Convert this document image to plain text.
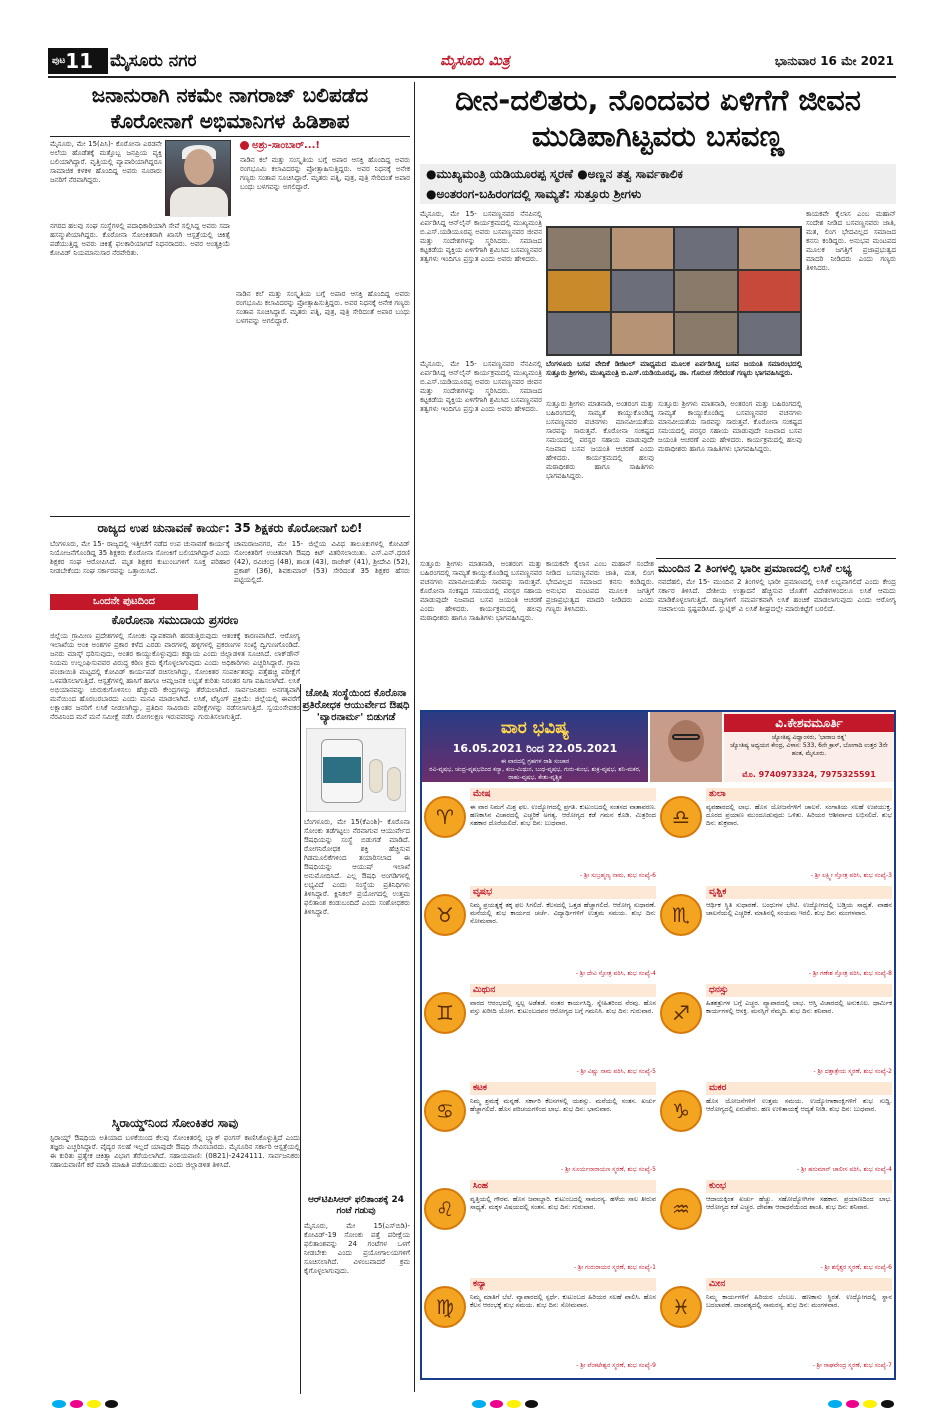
$^{ಪುಟ}$11 ಮೈಸೂರು ನಗರ	ಮೈಸೂರು ಮಿತ್ರ	ಭಾನುವಾರ 16 ಮೇ 2021
ಜನಾನುರಾಗಿ ನಕಮೇ ನಾಗರಾಜ್ ಬಲಿಪಡೆದ ಕೊರೋನಾಗೆ ಅಭಿಮಾನಿಗಳ ಹಿಡಿಶಾಪ
ಮೈಸೂರು, ಮೇ 15(ಪಿಸಿ)- ಕೊರೋನಾ ಎರಡನೇ ಅಲೆಯ ಹೊಡೆತಕ್ಕೆ ಮತ್ತೊಬ್ಬ ಜನಪ್ರಿಯ ವ್ಯಕ್ತಿ ಬಲಿಯಾಗಿದ್ದಾರೆ. ವೃತ್ತಿಯಲ್ಲಿ ವ್ಯಾಪಾರಿಯಾಗಿದ್ದರೂ ಸಾಮಾಜಿಕ ಕಳಕಳಿ ಹೊಂದಿದ್ದ ಅವರು ನೂರಾರು ಜನರಿಗೆ ನೆರವಾಗಿದ್ದರು.
ಅಶ್ರು-ಸಾಂಬಾರ್...!
ನಾಡಿನ ಕಲೆ ಮತ್ತು ಸಂಸ್ಕೃತಿಯ ಬಗ್ಗೆ ಅಪಾರ ಆಸಕ್ತಿ ಹೊಂದಿದ್ದ ಅವರು ರಂಗಭೂಮಿ ಕಲಾವಿದರನ್ನು ಪ್ರೋತ್ಸಾಹಿಸುತ್ತಿದ್ದರು. ಅವರ ನಿಧನಕ್ಕೆ ಅನೇಕ ಗಣ್ಯರು ಸಂತಾಪ ಸೂಚಿಸಿದ್ದಾರೆ. ಮೃತರು ಪತ್ನಿ, ಪುತ್ರ, ಪುತ್ರಿ ಸೇರಿದಂತೆ ಅಪಾರ ಬಂಧು ಬಳಗವನ್ನು ಅಗಲಿದ್ದಾರೆ.
ನಗರದ ಹಲವು ಸಂಘ ಸಂಸ್ಥೆಗಳಲ್ಲಿ ಪದಾಧಿಕಾರಿಯಾಗಿ ಸೇವೆ ಸಲ್ಲಿಸಿದ್ದ ಅವರು ಸದಾ ಹಸನ್ಮುಖಿಯಾಗಿದ್ದರು. ಕೊರೋನಾ ಸೋಂಕಿತರಾಗಿ ಖಾಸಗಿ ಆಸ್ಪತ್ರೆಯಲ್ಲಿ ಚಿಕಿತ್ಸೆ ಪಡೆಯುತ್ತಿದ್ದ ಅವರು ಚಿಕಿತ್ಸೆ ಫಲಕಾರಿಯಾಗದೆ ನಿಧನರಾದರು. ಅವರ ಅಂತ್ಯಕ್ರಿಯೆ ಕೋವಿಡ್ ನಿಯಮಾನುಸಾರ ನೆರವೇರಿತು.
ನಾಡಿನ ಕಲೆ ಮತ್ತು ಸಂಸ್ಕೃತಿಯ ಬಗ್ಗೆ ಅಪಾರ ಆಸಕ್ತಿ ಹೊಂದಿದ್ದ ಅವರು ರಂಗಭೂಮಿ ಕಲಾವಿದರನ್ನು ಪ್ರೋತ್ಸಾಹಿಸುತ್ತಿದ್ದರು. ಅವರ ನಿಧನಕ್ಕೆ ಅನೇಕ ಗಣ್ಯರು ಸಂತಾಪ ಸೂಚಿಸಿದ್ದಾರೆ. ಮೃತರು ಪತ್ನಿ, ಪುತ್ರ, ಪುತ್ರಿ ಸೇರಿದಂತೆ ಅಪಾರ ಬಂಧು ಬಳಗವನ್ನು ಅಗಲಿದ್ದಾರೆ.
ರಾಜ್ಯದ ಉಪ ಚುನಾವಣೆ ಕಾರ್ಯ: 35 ಶಿಕ್ಷಕರು ಕೊರೋನಾಗೆ ಬಲಿ!
ಬೆಂಗಳೂರು, ಮೇ 15- ರಾಜ್ಯದಲ್ಲಿ ಇತ್ತೀಚೆಗೆ ನಡೆದ ಉಪ ಚುನಾವಣೆ ಕಾರ್ಯಕ್ಕೆ ನಿಯೋಜನೆಗೊಂಡಿದ್ದ 35 ಶಿಕ್ಷಕರು ಕೊರೋನಾ ಸೋಂಕಿಗೆ ಬಲಿಯಾಗಿದ್ದಾರೆ ಎಂದು ಶಿಕ್ಷಕರ ಸಂಘ ಆರೋಪಿಸಿದೆ. ಮೃತ ಶಿಕ್ಷಕರ ಕುಟುಂಬಗಳಿಗೆ ಸೂಕ್ತ ಪರಿಹಾರ ನೀಡಬೇಕೆಂದು ಸಂಘ ಸರ್ಕಾರವನ್ನು ಒತ್ತಾಯಿಸಿದೆ.
ಚಾಮರಾಜನಗರ, ಮೇ 15- ಜಿಲ್ಲೆಯ ವಿವಿಧ ತಾಲೂಕುಗಳಲ್ಲಿ ಕೋವಿಡ್ ಸೋಂಕಿತರಿಗೆ ಉಚಿತವಾಗಿ ಔಷಧಿ ಕಿಟ್ ವಿತರಿಸಲಾಯಿತು. ಎಸ್.ಎನ್.ಧರಣಿ (42), ರವಿಚಂದ್ರ (48), ಶಾಂತ (43), ರಾಜೇಶ್ (41), ಶ್ರೀದೇವಿ (52), ಪ್ರಕಾಶ್ (36), ಶಿವಕುಮಾರ್ (53) ಸೇರಿದಂತೆ 35 ಶಿಕ್ಷಕರ ಹೆಸರು ಪಟ್ಟಿಯಲ್ಲಿದೆ.
ಒಂದನೇ ಪುಟದಿಂದ
ಕೊರೋನಾ ಸಮುದಾಯ ಪ್ರಸರಣ
ಜಿಲ್ಲೆಯ ಗ್ರಾಮೀಣ ಪ್ರದೇಶಗಳಲ್ಲಿ ಸೋಂಕು ವ್ಯಾಪಕವಾಗಿ ಹರಡುತ್ತಿರುವುದು ಆತಂಕಕ್ಕೆ ಕಾರಣವಾಗಿದೆ. ಆರೋಗ್ಯ ಇಲಾಖೆಯ ಅಂಕಿ ಅಂಶಗಳ ಪ್ರಕಾರ ಕಳೆದ ಎರಡು ವಾರಗಳಲ್ಲಿ ಹಳ್ಳಿಗಳಲ್ಲಿ ಪ್ರಕರಣಗಳ ಸಂಖ್ಯೆ ದ್ವಿಗುಣಗೊಂಡಿದೆ. ಜನರು ಮಾಸ್ಕ್ ಧರಿಸುವುದು, ಅಂತರ ಕಾಯ್ದುಕೊಳ್ಳುವುದು ಕಡ್ಡಾಯ ಎಂದು ಜಿಲ್ಲಾಡಳಿತ ಸೂಚಿಸಿದೆ. ಲಾಕ್‌ಡೌನ್ ನಿಯಮ ಉಲ್ಲಂಘಿಸುವವರ ವಿರುದ್ಧ ಕಠಿಣ ಕ್ರಮ ಕೈಗೊಳ್ಳಲಾಗುವುದು ಎಂದು ಅಧಿಕಾರಿಗಳು ಎಚ್ಚರಿಸಿದ್ದಾರೆ. ಗ್ರಾಮ ಪಂಚಾಯಿತಿ ಮಟ್ಟದಲ್ಲಿ ಕೋವಿಡ್ ಕಾರ್ಯಪಡೆ ರಚಿಸಲಾಗಿದ್ದು, ಸೋಂಕಿತರ ಸಂಪರ್ಕಿತರನ್ನು ಪತ್ತೆಹಚ್ಚಿ ಪರೀಕ್ಷೆಗೆ ಒಳಪಡಿಸಲಾಗುತ್ತಿದೆ. ಆಸ್ಪತ್ರೆಗಳಲ್ಲಿ ಹಾಸಿಗೆ ಹಾಗೂ ಆಮ್ಲಜನಕ ಲಭ್ಯತೆ ಕುರಿತು ನಿರಂತರ ನಿಗಾ ವಹಿಸಲಾಗಿದೆ. ಲಸಿಕೆ ಅಭಿಯಾನವನ್ನು ಚುರುಕುಗೊಳಿಸಲು ಹೆಚ್ಚುವರಿ ಕೇಂದ್ರಗಳನ್ನು ತೆರೆಯಲಾಗಿದೆ. ಸಾರ್ವಜನಿಕರು ಅನಗತ್ಯವಾಗಿ ಮನೆಯಿಂದ ಹೊರಬರಬಾರದು ಎಂದು ಮನವಿ ಮಾಡಲಾಗಿದೆ. ಲಸಿಕೆ, ಟೆಸ್ಟಿಂಗ್ ಪ್ರಕ್ರಿಯೆ: ಜಿಲ್ಲೆಯಲ್ಲಿ ಈವರೆಗೆ ಲಕ್ಷಾಂತರ ಜನರಿಗೆ ಲಸಿಕೆ ನೀಡಲಾಗಿದ್ದು, ಪ್ರತಿದಿನ ಸಾವಿರಾರು ಪರೀಕ್ಷೆಗಳನ್ನು ನಡೆಸಲಾಗುತ್ತಿದೆ. ಸ್ವಯಂಸೇವಕರ ನೆರವಿನಿಂದ ಮನೆ ಮನೆ ಸಮೀಕ್ಷೆ ನಡೆಸಿ ರೋಗಲಕ್ಷಣ ಇರುವವರನ್ನು ಗುರುತಿಸಲಾಗುತ್ತಿದೆ.
ಸ್ಕಿರಾಯ್ಡ್‌ನಿಂದ ಸೋಂಕಿತರ ಸಾವು
ಸ್ಟಿರಾಯ್ಡ್ ಔಷಧಿಯ ಅತಿಯಾದ ಬಳಕೆಯಿಂದ ಕೆಲವು ಸೋಂಕಿತರಲ್ಲಿ ಬ್ಲ್ಯಾಕ್ ಫಂಗಸ್ ಕಾಣಿಸಿಕೊಳ್ಳುತ್ತಿದೆ ಎಂದು ತಜ್ಞರು ಎಚ್ಚರಿಸಿದ್ದಾರೆ. ವೈದ್ಯರ ಸಲಹೆ ಇಲ್ಲದೆ ಯಾವುದೇ ಔಷಧಿ ಸೇವಿಸಬಾರದು. ಮೈಸೂರಿನ ಸರ್ಕಾರಿ ಆಸ್ಪತ್ರೆಯಲ್ಲಿ ಈ ಕುರಿತು ಪ್ರತ್ಯೇಕ ಚಿಕಿತ್ಸಾ ವಿಭಾಗ ತೆರೆಯಲಾಗಿದೆ. ಸಹಾಯವಾಣಿ: (0821)-2424111. ಸಾರ್ವಜನಿಕರು ಸಹಾಯವಾಣಿಗೆ ಕರೆ ಮಾಡಿ ಮಾಹಿತಿ ಪಡೆಯಬಹುದು ಎಂದು ಜಿಲ್ಲಾಡಳಿತ ತಿಳಿಸಿದೆ.
ಚೋಷಿ ಸಂಸ್ಥೆಯಿಂದ ಕೊರೊನಾ ಪ್ರತಿರೋಧಕ ಆಯುರ್ವೇದ ಔಷಧಿ 'ವ್ಯಾರನಾರ್ಮ' ಬಿಡುಗಡೆ
ಬೆಂಗಳೂರು, ಮೇ 15(ಕೆಎಂಶಿ)- ಕೊರೊನಾ ಸೋಂಕು ತಡೆಗಟ್ಟಲು ನೆರವಾಗುವ ಆಯುರ್ವೇದ ಔಷಧಿಯನ್ನು ಸಂಸ್ಥೆ ಬಿಡುಗಡೆ ಮಾಡಿದೆ. ರೋಗನಿರೋಧಕ ಶಕ್ತಿ ಹೆಚ್ಚಿಸುವ ಗಿಡಮೂಲಿಕೆಗಳಿಂದ ತಯಾರಿಸಲಾದ ಈ ಔಷಧಿಯನ್ನು ಆಯುಷ್ ಇಲಾಖೆ ಅನುಮೋದಿಸಿದೆ. ಎಲ್ಲ ಔಷಧಿ ಅಂಗಡಿಗಳಲ್ಲಿ ಲಭ್ಯವಿದೆ ಎಂದು ಸಂಸ್ಥೆಯ ಪ್ರತಿನಿಧಿಗಳು ತಿಳಿಸಿದ್ದಾರೆ. ಕ್ಲಿನಿಕಲ್ ಪ್ರಯೋಗದಲ್ಲಿ ಉತ್ತಮ ಫಲಿತಾಂಶ ಕಂಡುಬಂದಿದೆ ಎಂದು ಸಂಶೋಧಕರು ತಿಳಿಸಿದ್ದಾರೆ.
ಆರ್‌ಟಿಪಿಸಿಆರ್ ಫಲಿತಾಂಶಕ್ಕೆ 24 ಗಂಟೆ ಗಡುವು
ಮೈಸೂರು, ಮೇ 15(ಎಸ್‌ಬಿಡಿ)- ಕೋವಿಡ್-19 ಸೋಂಕು ಪತ್ತೆ ಪರೀಕ್ಷೆಯ ಫಲಿತಾಂಶವನ್ನು 24 ಗಂಟೆಗಳ ಒಳಗೆ ನೀಡಬೇಕು ಎಂದು ಪ್ರಯೋಗಾಲಯಗಳಿಗೆ ಸೂಚಿಸಲಾಗಿದೆ. ವಿಳಂಬವಾದರೆ ಕ್ರಮ ಕೈಗೊಳ್ಳಲಾಗುವುದು.
ದೀನ-ದಲಿತರು, ನೊಂದವರ ಏಳಿಗೆಗೆ ಜೀವನ ಮುಡಿಪಾಗಿಟ್ಟವರು ಬಸವಣ್ಣ
●ಮುಖ್ಯಮಂತ್ರಿ ಯಡಿಯೂರಪ್ಪ ಸ್ಮರಣೆ ●ಅಣ್ಣನ ತತ್ವ ಸಾರ್ವಕಾಲಿಕ
●ಅಂತರಂಗ-ಬಹಿರಂಗದಲ್ಲಿ ಸಾಮ್ಯತೆ: ಸುತ್ತೂರು ಶ್ರೀಗಳು
ಮೈಸೂರು, ಮೇ 15- ಬಸವಣ್ಣನವರ ನೆನಪಿನಲ್ಲಿ ಏರ್ಪಡಿಸಿದ್ದ ಆನ್‌ಲೈನ್ ಕಾರ್ಯಕ್ರಮದಲ್ಲಿ ಮುಖ್ಯಮಂತ್ರಿ ಬಿ.ಎಸ್.ಯಡಿಯೂರಪ್ಪ ಅವರು ಬಸವಣ್ಣನವರ ಜೀವನ ಮತ್ತು ಸಂದೇಶಗಳನ್ನು ಸ್ಮರಿಸಿದರು. ಸಮಾಜದ ಕಟ್ಟಕಡೆಯ ವ್ಯಕ್ತಿಯ ಏಳಿಗೆಗಾಗಿ ಶ್ರಮಿಸಿದ ಬಸವಣ್ಣನವರ ತತ್ವಗಳು ಇಂದಿಗೂ ಪ್ರಸ್ತುತ ಎಂದು ಅವರು ಹೇಳಿದರು.
ಕಾಯಕವೇ ಕೈಲಾಸ ಎಂಬ ಮಹಾನ್ ಸಂದೇಶ ನೀಡಿದ ಬಸವಣ್ಣನವರು ಜಾತಿ, ಮತ, ಲಿಂಗ ಭೇದವಿಲ್ಲದ ಸಮಾಜದ ಕನಸು ಕಂಡಿದ್ದರು. ಅನುಭವ ಮಂಟಪದ ಮೂಲಕ ಜಗತ್ತಿಗೆ ಪ್ರಜಾಪ್ರಭುತ್ವದ ಮಾದರಿ ನೀಡಿದರು ಎಂದು ಗಣ್ಯರು ತಿಳಿಸಿದರು.
ಬೆಂಗಳೂರು ಬಸವ ವೇದಿಕೆ ಡಿಜಿಟಲ್ ಮಾಧ್ಯಮದ ಮೂಲಕ ಏರ್ಪಡಿಸಿದ್ದ ಬಸವ ಜಯಂತಿ ಸಮಾರಂಭದಲ್ಲಿ ಸುತ್ತೂರು ಶ್ರೀಗಳು, ಮುಖ್ಯಮಂತ್ರಿ ಬಿ.ಎಸ್.ಯಡಿಯೂರಪ್ಪ, ಡಾ. ಗೊರುಚ ಸೇರಿದಂತೆ ಗಣ್ಯರು ಭಾಗವಹಿಸಿದ್ದರು.
ಮೈಸೂರು, ಮೇ 15- ಬಸವಣ್ಣನವರ ನೆನಪಿನಲ್ಲಿ ಏರ್ಪಡಿಸಿದ್ದ ಆನ್‌ಲೈನ್ ಕಾರ್ಯಕ್ರಮದಲ್ಲಿ ಮುಖ್ಯಮಂತ್ರಿ ಬಿ.ಎಸ್.ಯಡಿಯೂರಪ್ಪ ಅವರು ಬಸವಣ್ಣನವರ ಜೀವನ ಮತ್ತು ಸಂದೇಶಗಳನ್ನು ಸ್ಮರಿಸಿದರು. ಸಮಾಜದ ಕಟ್ಟಕಡೆಯ ವ್ಯಕ್ತಿಯ ಏಳಿಗೆಗಾಗಿ ಶ್ರಮಿಸಿದ ಬಸವಣ್ಣನವರ ತತ್ವಗಳು ಇಂದಿಗೂ ಪ್ರಸ್ತುತ ಎಂದು ಅವರು ಹೇಳಿದರು.
ಸುತ್ತೂರು ಶ್ರೀಗಳು ಮಾತನಾಡಿ, ಅಂತರಂಗ ಮತ್ತು ಬಹಿರಂಗದಲ್ಲಿ ಸಾಮ್ಯತೆ ಕಾಯ್ದುಕೊಂಡಿದ್ದ ಬಸವಣ್ಣನವರ ವಚನಗಳು ಮಾನವೀಯತೆಯ ಸಾರವನ್ನು ಸಾರುತ್ತವೆ. ಕೊರೋನಾ ಸಂಕಷ್ಟದ ಸಮಯದಲ್ಲಿ ಪರಸ್ಪರ ಸಹಾಯ ಮಾಡುವುದೇ ನಿಜವಾದ ಬಸವ ಜಯಂತಿ ಆಚರಣೆ ಎಂದು ಹೇಳಿದರು. ಕಾರ್ಯಕ್ರಮದಲ್ಲಿ ಹಲವು ಮಠಾಧೀಶರು ಹಾಗೂ ಸಾಹಿತಿಗಳು ಭಾಗವಹಿಸಿದ್ದರು.
ಸುತ್ತೂರು ಶ್ರೀಗಳು ಮಾತನಾಡಿ, ಅಂತರಂಗ ಮತ್ತು ಬಹಿರಂಗದಲ್ಲಿ ಸಾಮ್ಯತೆ ಕಾಯ್ದುಕೊಂಡಿದ್ದ ಬಸವಣ್ಣನವರ ವಚನಗಳು ಮಾನವೀಯತೆಯ ಸಾರವನ್ನು ಸಾರುತ್ತವೆ. ಕೊರೋನಾ ಸಂಕಷ್ಟದ ಸಮಯದಲ್ಲಿ ಪರಸ್ಪರ ಸಹಾಯ ಮಾಡುವುದೇ ನಿಜವಾದ ಬಸವ ಜಯಂತಿ ಆಚರಣೆ ಎಂದು ಹೇಳಿದರು. ಕಾರ್ಯಕ್ರಮದಲ್ಲಿ ಹಲವು ಮಠಾಧೀಶರು ಹಾಗೂ ಸಾಹಿತಿಗಳು ಭಾಗವಹಿಸಿದ್ದರು.
ಮುಂದಿನ 2 ತಿಂಗಳಲ್ಲಿ ಭಾರೀ ಪ್ರಮಾಣದಲ್ಲಿ ಲಸಿಕೆ ಲಭ್ಯ
ನವದೆಹಲಿ, ಮೇ 15- ಮುಂದಿನ 2 ತಿಂಗಳಲ್ಲಿ ಭಾರೀ ಪ್ರಮಾಣದಲ್ಲಿ ಲಸಿಕೆ ಲಭ್ಯವಾಗಲಿದೆ ಎಂದು ಕೇಂದ್ರ ಸರ್ಕಾರ ತಿಳಿಸಿದೆ. ದೇಶೀಯ ಉತ್ಪಾದನೆ ಹೆಚ್ಚಿಸುವ ಜೊತೆಗೆ ವಿದೇಶಗಳಿಂದಲೂ ಲಸಿಕೆ ಆಮದು ಮಾಡಿಕೊಳ್ಳಲಾಗುತ್ತಿದೆ. ರಾಜ್ಯಗಳಿಗೆ ಸಮರ್ಪಕವಾಗಿ ಲಸಿಕೆ ಹಂಚಿಕೆ ಮಾಡಲಾಗುವುದು ಎಂದು ಆರೋಗ್ಯ ಸಚಿವಾಲಯ ಸ್ಪಷ್ಟಪಡಿಸಿದೆ. ಸ್ಪುಟ್ನಿಕ್ ವಿ ಲಸಿಕೆ ಶೀಘ್ರದಲ್ಲೇ ಮಾರುಕಟ್ಟೆಗೆ ಬರಲಿದೆ.
ಕಾಯಕವೇ ಕೈಲಾಸ ಎಂಬ ಮಹಾನ್ ಸಂದೇಶ ನೀಡಿದ ಬಸವಣ್ಣನವರು ಜಾತಿ, ಮತ, ಲಿಂಗ ಭೇದವಿಲ್ಲದ ಸಮಾಜದ ಕನಸು ಕಂಡಿದ್ದರು. ಅನುಭವ ಮಂಟಪದ ಮೂಲಕ ಜಗತ್ತಿಗೆ ಪ್ರಜಾಪ್ರಭುತ್ವದ ಮಾದರಿ ನೀಡಿದರು ಎಂದು ಗಣ್ಯರು ತಿಳಿಸಿದರು.
ಸುತ್ತೂರು ಶ್ರೀಗಳು ಮಾತನಾಡಿ, ಅಂತರಂಗ ಮತ್ತು ಬಹಿರಂಗದಲ್ಲಿ ಸಾಮ್ಯತೆ ಕಾಯ್ದುಕೊಂಡಿದ್ದ ಬಸವಣ್ಣನವರ ವಚನಗಳು ಮಾನವೀಯತೆಯ ಸಾರವನ್ನು ಸಾರುತ್ತವೆ. ಕೊರೋನಾ ಸಂಕಷ್ಟದ ಸಮಯದಲ್ಲಿ ಪರಸ್ಪರ ಸಹಾಯ ಮಾಡುವುದೇ ನಿಜವಾದ ಬಸವ ಜಯಂತಿ ಆಚರಣೆ ಎಂದು ಹೇಳಿದರು. ಕಾರ್ಯಕ್ರಮದಲ್ಲಿ ಹಲವು ಮಠಾಧೀಶರು ಹಾಗೂ ಸಾಹಿತಿಗಳು ಭಾಗವಹಿಸಿದ್ದರು.
ವಾರ ಭವಿಷ್ಯ
16.05.2021 ರಿಂದ 22.05.2021
ಈ ವಾರದಲ್ಲಿ ಗ್ರಹಗಳ ರಾಶಿ ಸಂಚಾರ
ರವಿ-ವೃಷಭ, ಚಂದ್ರ-ವೃಷಭದಿಂದ ಕನ್ಯಾ, ಕುಜ-ಮಿಥುನ, ಬುಧ-ವೃಷಭ, ಗುರು-ಕುಂಭ, ಶುಕ್ರ-ವೃಷಭ, ಶನಿ-ಮಕರ, ರಾಹು-ವೃಷಭ, ಕೇತು-ವೃಶ್ಚಿಕ
ವಿ.ಕೇಶವಮೂರ್ತಿ
ಜ್ಯೋತಿಷ್ಯ ವಿದ್ವಾಂಸರು, 'ಭಾರಾಜ ರತ್ನ'
ಜ್ಯೋತಿಷ್ಯ ಅಧ್ಯಯನ ಕೇಂದ್ರ, ವಿಳಾಸ: 533, 6ನೇ ಕ್ರಾಸ್, ಬೋಗಾದಿ ಉತ್ತರ 3ನೇ ಹಂತ, ಮೈಸೂರು.
ಮೊ. 9740973324, 7975325591
♈
ಮೇಷ
ಈ ವಾರ ನಿಮಗೆ ಮಿಶ್ರ ಫಲ. ಉದ್ಯೋಗದಲ್ಲಿ ಪ್ರಗತಿ. ಕುಟುಂಬದಲ್ಲಿ ಸಂತಸದ ವಾತಾವರಣ. ಹಣಕಾಸಿನ ವಿಚಾರದಲ್ಲಿ ಎಚ್ಚರಿಕೆ ಅಗತ್ಯ. ಆರೋಗ್ಯದ ಕಡೆ ಗಮನ ಕೊಡಿ. ಮಿತ್ರರಿಂದ ಸಹಕಾರ ದೊರೆಯಲಿದೆ. ಶುಭ ದಿನ: ಬುಧವಾರ.
- ಶ್ರೀ ಸುಬ್ರಹ್ಮಣ್ಯ ನಾಮ, ಶುಭ ಸಂಖ್ಯೆ-6
♎
ತುಲಾ
ವ್ಯವಹಾರದಲ್ಲಿ ಲಾಭ. ಹೊಸ ಯೋಜನೆಗಳಿಗೆ ಚಾಲನೆ. ಸಂಗಾತಿಯ ಸಲಹೆ ಉಪಯುಕ್ತ. ದೂರದ ಪ್ರಯಾಣ ಮುಂದೂಡುವುದು ಒಳಿತು. ಹಿರಿಯರ ಆಶೀರ್ವಾದ ಲಭಿಸಲಿದೆ. ಶುಭ ದಿನ: ಶುಕ್ರವಾರ.
- ಶ್ರೀ ಲಕ್ಷ್ಮೀ ಸ್ತೋತ್ರ ಪಠಿಸಿ, ಶುಭ ಸಂಖ್ಯೆ-3
♉
ವೃಷಭ
ನಿಮ್ಮ ಪ್ರಯತ್ನಕ್ಕೆ ತಕ್ಕ ಫಲ ಸಿಗಲಿದೆ. ಕೆಲಸದಲ್ಲಿ ಒತ್ತಡ ಹೆಚ್ಚಾಗಲಿದೆ. ಆರೋಗ್ಯ ಸುಧಾರಣೆ. ಮನೆಯಲ್ಲಿ ಶುಭ ಕಾರ್ಯದ ಚರ್ಚೆ. ವಿದ್ಯಾರ್ಥಿಗಳಿಗೆ ಉತ್ತಮ ಸಮಯ. ಶುಭ ದಿನ: ಸೋಮವಾರ.
- ಶ್ರೀ ದೇವಿ ಸ್ತೋತ್ರ ಪಠಿಸಿ, ಶುಭ ಸಂಖ್ಯೆ-4
♏
ವೃಶ್ಚಿಕ
ಆರ್ಥಿಕ ಸ್ಥಿತಿ ಸುಧಾರಣೆ. ಬಂಧುಗಳ ಭೇಟಿ. ಉದ್ಯೋಗದಲ್ಲಿ ಬಡ್ತಿಯ ಸಾಧ್ಯತೆ. ವಾಹನ ಚಾಲನೆಯಲ್ಲಿ ಎಚ್ಚರಿಕೆ. ಮಾತಿನಲ್ಲಿ ಸಂಯಮ ಇರಲಿ. ಶುಭ ದಿನ: ಮಂಗಳವಾರ.
- ಶ್ರೀ ಗಣೇಶ ಸ್ತೋತ್ರ ಪಠಿಸಿ, ಶುಭ ಸಂಖ್ಯೆ-8
♊
ಮಿಥುನ
ವಾರದ ಆರಂಭದಲ್ಲಿ ಸ್ವಲ್ಪ ಅಡೆತಡೆ. ನಂತರ ಕಾರ್ಯಸಿದ್ಧಿ. ಸ್ನೇಹಿತರಿಂದ ನೆರವು. ಹೊಸ ವಸ್ತು ಖರೀದಿ ಯೋಗ. ಕುಟುಂಬದವರ ಆರೋಗ್ಯದ ಬಗ್ಗೆ ಗಮನಿಸಿ. ಶುಭ ದಿನ: ಗುರುವಾರ.
- ಶ್ರೀ ವಿಷ್ಣು ನಾಮ ಪಠಿಸಿ, ಶುಭ ಸಂಖ್ಯೆ-5
♐
ಧನಸ್ಸು
ಹಿತಶತ್ರುಗಳ ಬಗ್ಗೆ ಎಚ್ಚರ. ವ್ಯಾಪಾರದಲ್ಲಿ ಲಾಭ. ಆಸ್ತಿ ವಿಚಾರದಲ್ಲಿ ಅನುಕೂಲ. ಧಾರ್ಮಿಕ ಕಾರ್ಯಗಳಲ್ಲಿ ಆಸಕ್ತಿ. ಮನಸ್ಸಿಗೆ ನೆಮ್ಮದಿ. ಶುಭ ದಿನ: ಶನಿವಾರ.
- ಶ್ರೀ ದತ್ತಾತ್ರೇಯ ಸ್ಮರಣೆ, ಶುಭ ಸಂಖ್ಯೆ-2
♋
ಕಟಕ
ನಿಮ್ಮ ಶ್ರಮಕ್ಕೆ ಮನ್ನಣೆ. ಸರ್ಕಾರಿ ಕೆಲಸಗಳಲ್ಲಿ ಯಶಸ್ಸು. ಮನೆಯಲ್ಲಿ ಸಂತಸ. ಖರ್ಚು ಹೆಚ್ಚಾಗಲಿದೆ. ಹೊಸ ಪರಿಚಯಗಳಿಂದ ಲಾಭ. ಶುಭ ದಿನ: ಭಾನುವಾರ.
- ಶ್ರೀ ಸೂರ್ಯನಾರಾಯಣ ಸ್ಮರಣೆ, ಶುಭ ಸಂಖ್ಯೆ-5
♑
ಮಕರ
ಹೊಸ ಯೋಜನೆಗಳಿಗೆ ಉತ್ತಮ ಸಮಯ. ಉದ್ಯೋಗಾಕಾಂಕ್ಷಿಗಳಿಗೆ ಶುಭ ಸುದ್ದಿ. ಆರೋಗ್ಯದಲ್ಲಿ ಏರುಪೇರು. ಹಣ ಉಳಿತಾಯಕ್ಕೆ ಆದ್ಯತೆ ನೀಡಿ. ಶುಭ ದಿನ: ಬುಧವಾರ.
- ಶ್ರೀ ಹನುಮಾನ್ ಚಾಲೀಸ ಪಠಿಸಿ, ಶುಭ ಸಂಖ್ಯೆ-4
♌
ಸಿಂಹ
ವೃತ್ತಿಯಲ್ಲಿ ಗೌರವ. ಹೊಸ ಜವಾಬ್ದಾರಿ. ಕುಟುಂಬದಲ್ಲಿ ಸಾಮರಸ್ಯ. ಹಳೆಯ ಸಾಲ ತೀರುವ ಸಾಧ್ಯತೆ. ಮಕ್ಕಳ ವಿಷಯದಲ್ಲಿ ಸಂತಸ. ಶುಭ ದಿನ: ಗುರುವಾರ.
- ಶ್ರೀ ಗುರುರಾಯರ ಸ್ಮರಣೆ, ಶುಭ ಸಂಖ್ಯೆ-1
♒
ಕುಂಭ
ಆದಾಯಕ್ಕಿಂತ ಖರ್ಚು ಹೆಚ್ಚು. ಸಹೋದ್ಯೋಗಿಗಳ ಸಹಕಾರ. ಪ್ರಯಾಣದಿಂದ ಲಾಭ. ಆರೋಗ್ಯದ ಕಡೆ ಎಚ್ಚರ. ದೇವತಾ ಆರಾಧನೆಯಿಂದ ಶಾಂತಿ. ಶುಭ ದಿನ: ಶನಿವಾರ.
- ಶ್ರೀ ಶನೈಶ್ಚರ ಸ್ಮರಣೆ, ಶುಭ ಸಂಖ್ಯೆ-6
♍
ಕನ್ಯಾ
ನಿಮ್ಮ ಮಾತಿಗೆ ಬೆಲೆ. ವ್ಯಾಪಾರದಲ್ಲಿ ಸ್ಪರ್ಧೆ. ಕುಟುಂಬದ ಹಿರಿಯರ ಸಲಹೆ ಪಾಲಿಸಿ. ಹೊಸ ಕೆಲಸ ಆರಂಭಕ್ಕೆ ಶುಭ ಸಮಯ. ಶುಭ ದಿನ: ಸೋಮವಾರ.
- ಶ್ರೀ ವೆಂಕಟೇಶ್ವರ ಸ್ಮರಣೆ, ಶುಭ ಸಂಖ್ಯೆ-9
♓
ಮೀನ
ನಿಮ್ಮ ಕಾರ್ಯಗಳಿಗೆ ಹಿರಿಯರ ಬೆಂಬಲ. ಹಣಕಾಸು ಸ್ಥಿರತೆ. ಉದ್ಯೋಗದಲ್ಲಿ ಸ್ಥಾನ ಬದಲಾವಣೆ. ದಾಂಪತ್ಯದಲ್ಲಿ ಸಾಮರಸ್ಯ. ಶುಭ ದಿನ: ಮಂಗಳವಾರ.
- ಶ್ರೀ ರಾಘವೇಂದ್ರ ಸ್ಮರಣೆ, ಶುಭ ಸಂಖ್ಯೆ-7
